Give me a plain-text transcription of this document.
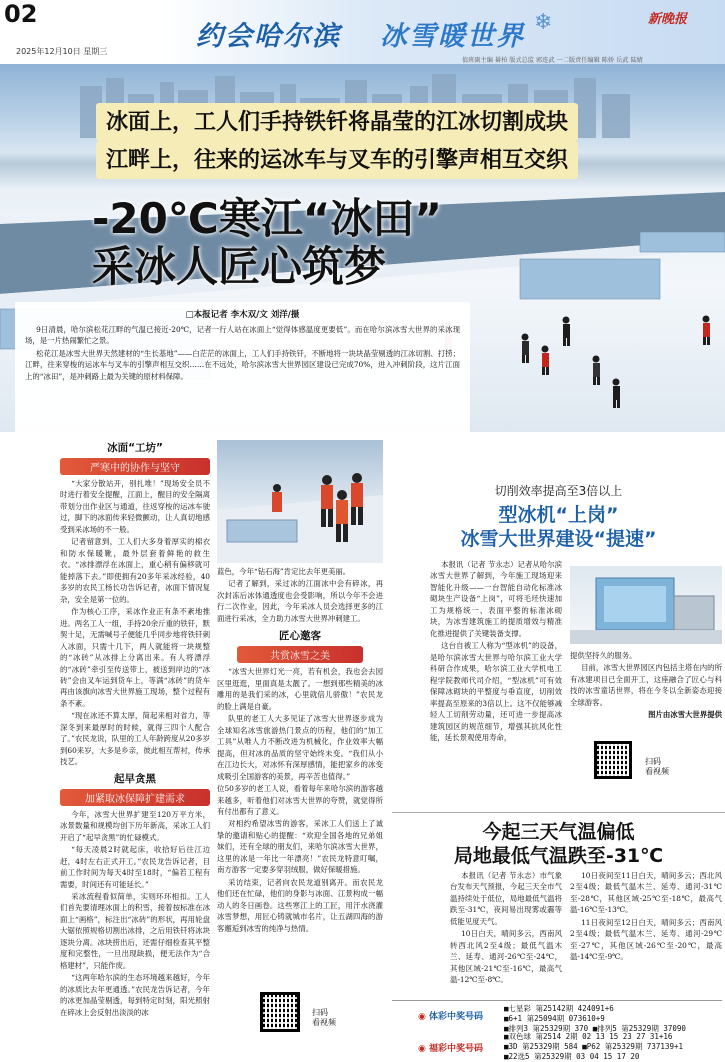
02
约会哈尔滨 冰雪暖世界 ❄	新晚报
2025年12月10日 星期三
值班副主编 綦柏 版式总监 郭连武 一二版责任编辑 陈娇 岳武 陆婧
冰面上，工人们手持铁钎将晶莹的江冰切割成块
江畔上，往来的运冰车与叉车的引擎声相互交织
-20℃寒江“冰田”
采冰人匠心筑梦
□本报记者 李木双/文 刘洋/摄

9日清晨，哈尔滨松花江畔的气温已接近-20℃，记者一行人站在冰面上“觉得体感温度更要低”。而在哈尔滨冰雪大世界的采冰现场，是一片热闹繁忙之景。

松花江是冰雪大世界天然建材的“生长基地”——白茫茫的冰面上，工人们手持铁钎，不断地将一块块晶莹剔透的江冰切割、打捞；江畔，往来穿梭的运冰车与叉车的引擎声相互交织……在不远处，哈尔滨冰雪大世界园区建设已完成70%，进入冲刺阶段，这片江面上的“冰田”，是冲刺路上最为关键的原材料保障。

冰面“工坊”
严寒中的协作与坚守

“大家分散站开，别扎堆！”现场安全员不时进行着安全提醒，江面上，醒目的安全隔离带划分出作业区与通道，往返穿梭的运冰车驶过，脚下的冰面传来轻微颤动，让人真切地感受到采冰场的不一般。

记者留意到，工人们大多身着厚实的棉衣和防水保暖靴，最外层套着鲜艳的救生衣。“冰排漂浮在冰面上，重心稍有偏移就可能掉落下去。”即使拥有20多年采冰经验，40多岁的农民工杨长功告诉记者，冰面下情况复杂，安全是第一位的。

作为核心工序，采冰作业正有条不紊地推进。两名工人一组，手持20余斤重的铁钎，默契十足，无需喊号子便能几乎同步地将铁钎刺入冰面，只需十几下，两人就能将一块规整的“冰砖”从冰排上分离出来。有人将漂浮的“冰砖”牵引至传送带上，被送到岸边的“冰砖”会由叉车运到货车上，等满“冰砖”的货车再由该旗向冰雪大世界施工现场，整个过程有条不紊。

“现在冰还不算太厚，简起来相对省力，等深冬到来最厚时的时候，就得三四个人配合了。”农民龙说，队里的工人年龄跨度从20多岁到60来岁，大多是乡亲，彼此相互帮衬，传承技艺。

起早贪黑
加紧取冰保障扩建需求

今年，冰雪大世界扩建至120万平方米，冰景数量和规模均创下历年新高，采冰工人们开启了“起早贪黑”的忙碌模式。

“每天凌晨2时就起床，收拾好后往江边赶，4时左右正式开工。”农民龙告诉记者，目前工作时间为每天4时至18时，“偏若工程有需要，时间还有可能延长。”

采冰流程看似简单，实则环环相扣。工人们首先要清理冰面上的积雪，接着按标准在冰面上“画格”，标注出“冰砖”的形状，再用轮盘大锯依照规格切割出冰排，之后用铁钎将冰块逐块分离。冰块捞出后，还需仔细检查其平整度和完整性，一旦出现缺损，便无法作为“合格建材”，只能作废。

“这两年哈尔滨的生态环境越来越好，今年的冰质比去年更通透。”农民龙告诉记者，今年的冰更加晶莹剔透，每到特定时刻，阳光照射在碎冰上会反射出淡淡的冰

蓝色，今年“钻石海”肯定比去年更美丽。

记者了解到，采过冰的江面冰中会有碎冰，再次封冻后冰体通透度也会受影响，所以今年不会进行二次作业，因此，今年采冰人员会选择更多的江面进行采冰，全力助力冰雪大世界冲刺建工。

匠心邀客
共赏冰雪之美

“冰雪大世界灯光一亮，若有机会，我也会去园区里逛逛，里面真是太靓了。一想到那些精美的冰雕用的是我们采的冰，心里就倍儿骄傲！”农民龙的脸上满是自豪。

队里的老工人大多见证了冰雪大世界逐步成为全球知名冰雪旅游热门景点的历程，他们的“加工工具”从唯人力不断改进为机械化，作业效率大幅提高，但对冰的品质的坚守始终未变。“我们从小在江边长大，对冰怀有深厚感情，能把家乡的冰变成吸引全国游客的美景，再辛苦也值得。”

位50多岁的老工人说，看着每年来哈尔滨的游客越来越多，听着他们对冰雪大世界的夸赞，就觉得所有付出都有了意义。

对相约希望冰雪的游客，采冰工人们送上了诚挚的邀请和贴心的提醒：“欢迎全国各地的兄弟姐妹们，还有全球的朋友们，来哈尔滨冰雪大世界，这里的冰是一年比一年漂亮！”农民龙特意叮嘱，南方游客一定要多穿羽绒服，做好保暖措施。

采访结束，记者向农民龙道别离开。而农民龙他们还在忙碌，他们的身影与冰面、江景构成一幅动人的冬日画卷。这些寒江上的工匠，用汗水浇灌冰雪梦想，用匠心铸就城市名片，让五湖四海的游客邂逅到冰雪的纯净与热情。

扫码
看视频
切削效率提高至3倍以上
型冰机“上岗”
冰雪大世界建设“提速”

本报讯（记者 节永志）记者从哈尔滨冰雪大世界了解到，今年施工现场迎来智能化升级——一台智能自动化标准冰砌块生产设备“上岗”，可将毛坯快速加工为规格统一、表面平整的标准冰砌块，为冰雪建筑施工的提质增效与精准化推进提供了关键装备支撑。

这台自被工人称为“型冰机”的设备，是哈尔滨冰雪大世界与哈尔滨工业大学科研合作成果，哈尔滨工业大学机电工程学院教师代司介绍，“型冰机”可有效保障冰砌块的平整度与垂直度，切削效率提高至原来的3倍以上。这不仅能够减轻人工切削劳动量，还可进一步提高冰建筑园区的规范细节，增强其抗风化性能，延长景观使用寿命，

提供坚持久的服务。

目前，冰雪大世界园区内包括主塔在内的所有冰建项目已全面开工，这座融合了匠心与科技的冰雪童话世界，将在今冬以全新姿态迎接全球游客。

图片由冰雪大世界提供
扫码
看视频
今起三天气温偏低
局地最低气温跌至-31℃

本报讯（记者 节永志）市气象台发布天气预报，今起三天全市气温持续处于低位，局地最低气温将跌至-31℃，夜间易出现雾或霾等低能见度天气。

10日白天，晴间多云，西南风转西北风2至4级；最低气温木兰、延寿、通河-26℃至-24℃，其他区域-21℃至-16℃，最高气温-12℃至-8℃。

10日夜间至11日白天，晴间多云；西北风2至4级；最低气温木兰、延寿、通河-31℃至-28℃，其他区域-25℃至-18℃，最高气温-16℃至-13℃。

11日夜间至12日白天，晴间多云；西南风2至4级；最低气温木兰、延寿、通河-29℃至-27℃，其他区域-26℃至-20℃，最高温-14℃至-9℃。

◉ 体彩中奖号码
■七星彩 第25142期 424091+6
■6+1 第25094期 073610+9
■排列3 第25329期 370 ■排列5 第25329期 37090
◉ 福彩中奖号码
■双色球 第2514 2期 02 13 15 23 27 31+16
■3D 第25329期 584 ■P62 第25329期 737139+1
■22选5 第25329期 03 04 15 17 20
